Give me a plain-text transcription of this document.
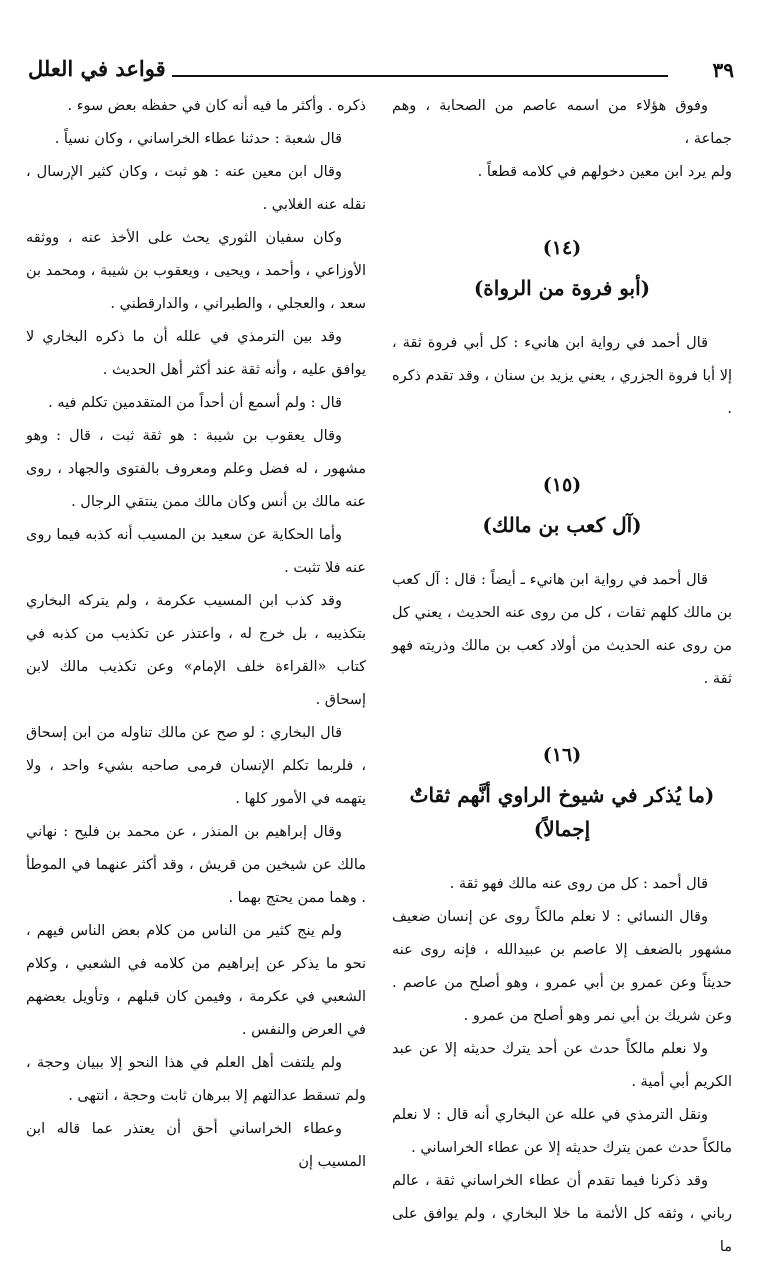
قواعد في العلل	٣٩

وفوق هؤلاء من اسمه عاصم من الصحابة ، وهم جماعة ،

ولم يرد ابن معين دخولهم في كلامه قطعاً .

(١٤)
(أبو فروة من الرواة)

قال أحمد في رواية ابن هانيء : كل أبي فروة ثقة ، إلا أبا فروة الجزري ، يعني يزيد بن سنان ، وقد تقدم ذكره .

(١٥)
(آل كعب بن مالك)

قال أحمد في رواية ابن هانيء ـ أيضاً : قال : آل كعب بن مالك كلهم ثقات ، كل من روى عنه الحديث ، يعني كل من روى عنه الحديث من أولاد كعب بن مالك وذريته فهو ثقة .

(١٦)
(ما يُذكر في شيوخ الراوي أنَّهم ثقاتٌ إجمالاً)

قال أحمد : كل من روى عنه مالك فهو ثقة .

وقال النسائي : لا نعلم مالكاً روى عن إنسان ضعيف مشهور بالضعف إلا عاصم بن عبيدالله ، فإنه روى عنه حديثاً وعن عمرو بن أبي عمرو ، وهو أصلح من عاصم . وعن شريك بن أبي نمر وهو أصلح من عمرو .

ولا نعلم مالكاً حدث عن أحد يترك حديثه إلا عن عبد الكريم أبي أمية .

ونقل الترمذي في علله عن البخاري أنه قال : لا نعلم مالكاً حدث عمن يترك حديثه إلا عن عطاء الخراساني .

وقد ذكرنا فيما تقدم أن عطاء الخراساني ثقة ، عالم رباني ، وثقه كل الأئمة ما خلا البخاري ، ولم يوافق على ما

ذكره . وأكثر ما فيه أنه كان في حفظه بعض سوء .

قال شعبة : حدثنا عطاء الخراساني ، وكان نسياً .

وقال ابن معين عنه : هو ثبت ، وكان كثير الإرسال ، نقله عنه الغلابي .

وكان سفيان الثوري يحث على الأخذ عنه ، ووثقه الأوزاعي ، وأحمد ، ويحيى ، ويعقوب بن شيبة ، ومحمد بن سعد ، والعجلي ، والطبراني ، والدارقطني .

وقد بين الترمذي في علله أن ما ذكره البخاري لا يوافق عليه ، وأنه ثقة عند أكثر أهل الحديث .

قال : ولم أسمع أن أحداً من المتقدمين تكلم فيه .

وقال يعقوب بن شيبة : هو ثقة ثبت ، قال : وهو مشهور ، له فضل وعلم ومعروف بالفتوى والجهاد ، روى عنه مالك بن أنس وكان مالك ممن ينتقي الرجال .

وأما الحكاية عن سعيد بن المسيب أنه كذبه فيما روى عنه فلا تثبت .

وقد كذب ابن المسيب عكرمة ، ولم يتركه البخاري بتكذيبه ، بل خرج له ، واعتذر عن تكذيب من كذبه في كتاب «القراءة خلف الإمام» وعن تكذيب مالك لابن إسحاق .

قال البخاري : لو صح عن مالك تناوله من ابن إسحاق ، فلربما تكلم الإنسان فرمى صاحبه بشيء واحد ، ولا يتهمه في الأمور كلها .

وقال إبراهيم بن المنذر ، عن محمد بن فليح : نهاني مالك عن شيخين من قريش ، وقد أكثر عنهما في الموطأ . وهما ممن يحتج بهما .

ولم ينج كثير من الناس من كلام بعض الناس فيهم ، نحو ما يذكر عن إبراهيم من كلامه في الشعبي ، وكلام الشعبي في عكرمة ، وفيمن كان قبلهم ، وتأويل بعضهم في العرض والنفس .

ولم يلتفت أهل العلم في هذا النحو إلا ببيان وحجة ، ولم تسقط عدالتهم إلا ببرهان ثابت وحجة ، انتهى .

وعطاء الخراساني أحق أن يعتذر عما قاله ابن المسيب إن
